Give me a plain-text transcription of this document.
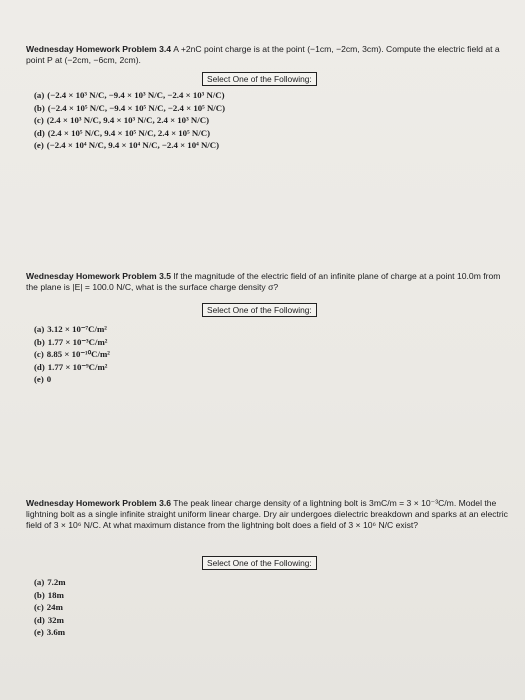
Wednesday Homework Problem 3.4 A +2nC point charge is at the point (−1cm, −2cm, 3cm). Compute the electric field at a point P at (−2cm, −6cm, 2cm).
Select One of the Following:
(a) (−2.4 × 10³ N/C, −9.4 × 10³ N/C, −2.4 × 10³ N/C)
(b) (−2.4 × 10⁵ N/C, −9.4 × 10⁵ N/C, −2.4 × 10⁵ N/C)
(c) (2.4 × 10³ N/C, 9.4 × 10³ N/C, 2.4 × 10³ N/C)
(d) (2.4 × 10⁵ N/C, 9.4 × 10⁵ N/C, 2.4 × 10⁵ N/C)
(e) (−2.4 × 10⁴ N/C, 9.4 × 10⁴ N/C, −2.4 × 10⁴ N/C)
Wednesday Homework Problem 3.5 If the magnitude of the electric field of an infinite plane of charge at a point 10.0m from the plane is |E| = 100.0 N/C, what is the surface charge density σ?
Select One of the Following:
(a) 3.12 × 10⁻⁷C/m²
(b) 1.77 × 10⁻³C/m²
(c) 8.85 × 10⁻¹⁰C/m²
(d) 1.77 × 10⁻⁹C/m²
(e) 0
Wednesday Homework Problem 3.6 The peak linear charge density of a lightning bolt is 3mC/m = 3 × 10⁻³C/m. Model the lightning bolt as a single infinite straight uniform linear charge. Dry air undergoes dielectric breakdown and sparks at an electric field of 3 × 10⁶ N/C. At what maximum distance from the lightning bolt does a field of 3 × 10⁶ N/C exist?
Select One of the Following:
(a) 7.2m
(b) 18m
(c) 24m
(d) 32m
(e) 3.6m
